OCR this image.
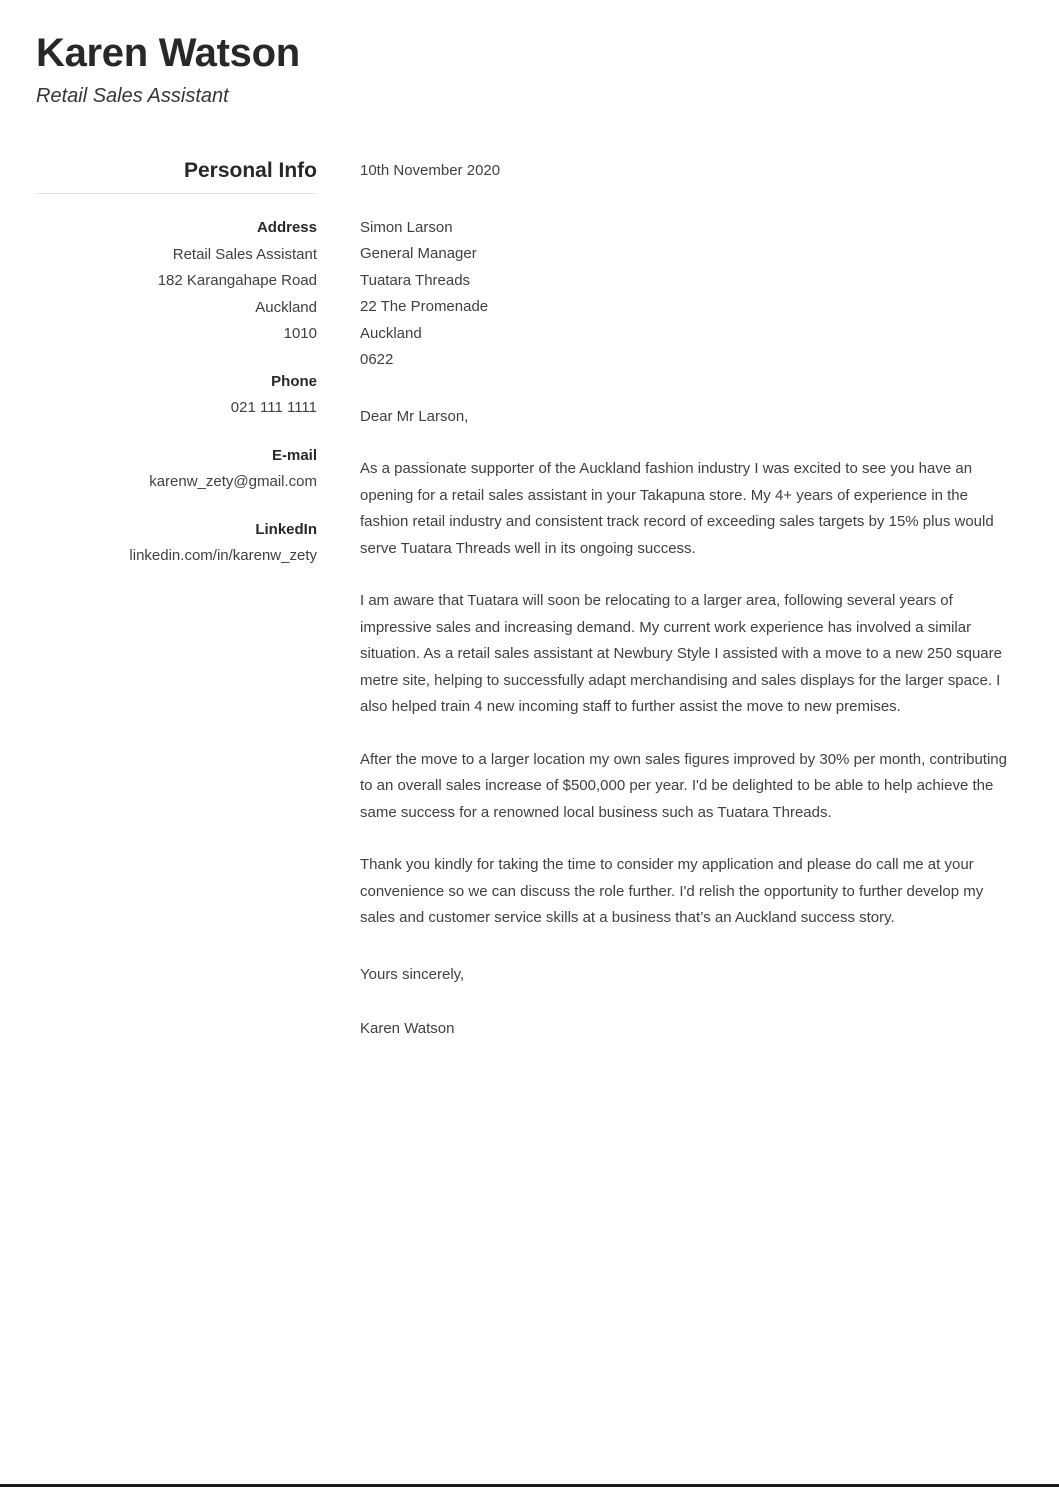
Karen Watson
Retail Sales Assistant
Personal Info
Address
Retail Sales Assistant
182 Karangahape Road
Auckland
1010
Phone
021 111 1111
E-mail
karenw_zety@gmail.com
LinkedIn
linkedin.com/in/karenw_zety
10th November 2020
Simon Larson
General Manager
Tuatara Threads
22 The Promenade
Auckland
0622
Dear Mr Larson,

As a passionate supporter of the Auckland fashion industry I was excited to see you have an opening for a retail sales assistant in your Takapuna store. My 4+ years of experience in the fashion retail industry and consistent track record of exceeding sales targets by 15% plus would serve Tuatara Threads well in its ongoing success.

I am aware that Tuatara will soon be relocating to a larger area, following several years of impressive sales and increasing demand. My current work experience has involved a similar situation. As a retail sales assistant at Newbury Style I assisted with a move to a new 250 square metre site, helping to successfully adapt merchandising and sales displays for the larger space. I also helped train 4 new incoming staff to further assist the move to new premises.

After the move to a larger location my own sales figures improved by 30% per month, contributing to an overall sales increase of $500,000 per year. I'd be delighted to be able to help achieve the same success for a renowned local business such as Tuatara Threads.

Thank you kindly for taking the time to consider my application and please do call me at your convenience so we can discuss the role further. I'd relish the opportunity to further develop my sales and customer service skills at a business that’s an Auckland success story.

Yours sincerely,
Karen Watson
